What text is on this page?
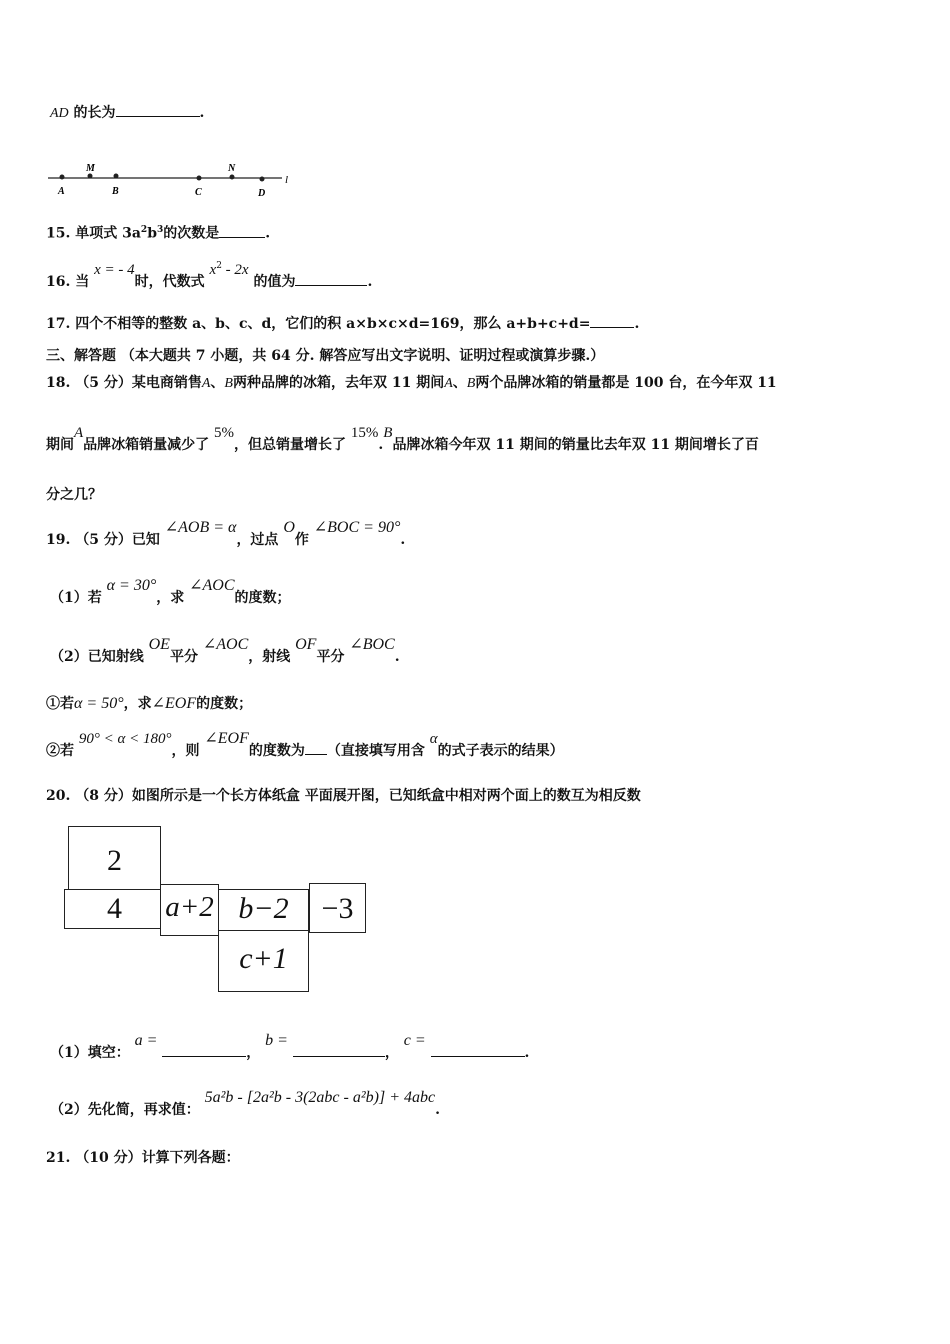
AD 的长为	.
M	N
A	B	C	D
l
15. 单项式 $3a^2b^3$的次数是	.
16. 当 x = - 4时，代数式 $x^2 - 2x$ 的值为	.
17. 四个不相等的整数 a、b、c、d，它们的积 a×b×c×d=169，那么 a+b+c+d=	.
三、解答题 （本大题共 7 小题，共 64 分. 解答应写出文字说明、证明过程或演算步骤.）
18. （5 分）某电商销售A、B两种品牌的冰箱，去年双 11 期间A、B两个品牌冰箱的销量都是 100 台，在今年双 11
期间A品牌冰箱销量减少了 5%，但总销量增长了 15%.B品牌冰箱今年双 11 期间的销量比去年双 11 期间增长了百
分之几？
19. （5 分）已知 ∠AOB = α，过点 O作 ∠BOC = 90°.
（1）若 α = 30°，求 ∠AOC的度数；
（2）已知射线 OE平分 ∠AOC，射线 OF平分 ∠BOC.
①若α = 50°，求∠EOF的度数；
②若 90° < α < 180°，则 ∠EOF的度数为 （直接填写用含 α的式子表示的结果）
20. （8 分）如图所示是一个长方体纸盒 平面展开图，已知纸盒中相对两个面上的数互为相反数
2
4	a+2 b−2	−3
c+1
（1）填空： a = ， b = ， c = .
（2）先化简，再求值： 5a²b - [2a²b - 3(2abc - a²b)] + 4abc.
21. （10 分）计算下列各题：
